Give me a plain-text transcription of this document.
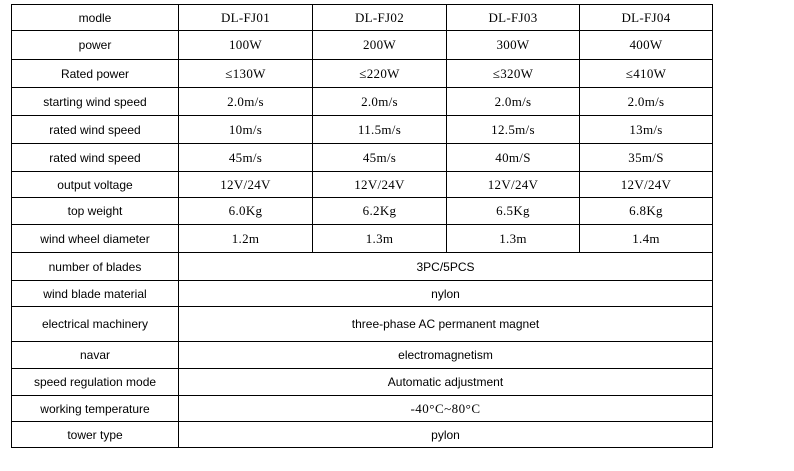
modle	DL-FJ01	DL-FJ02	DL-FJ03	DL-FJ04
power	100W	200W	300W	400W
Rated power	≤130W	≤220W	≤320W	≤410W
starting wind speed	2.0m/s	2.0m/s	2.0m/s	2.0m/s
rated wind speed	10m/s	11.5m/s	12.5m/s	13m/s
rated wind speed	45m/s	45m/s	40m/S	35m/S
output voltage	12V/24V	12V/24V	12V/24V	12V/24V
top weight	6.0Kg	6.2Kg	6.5Kg	6.8Kg
wind wheel diameter	1.2m	1.3m	1.3m	1.4m
number of blades	3PC/5PCS			
wind blade material	nylon			
electrical machinery	three-phase AC permanent magnet			
navar	electromagnetism			
speed regulation mode	Automatic adjustment			
working temperature	-40°C~80°C			
tower type	pylon			
